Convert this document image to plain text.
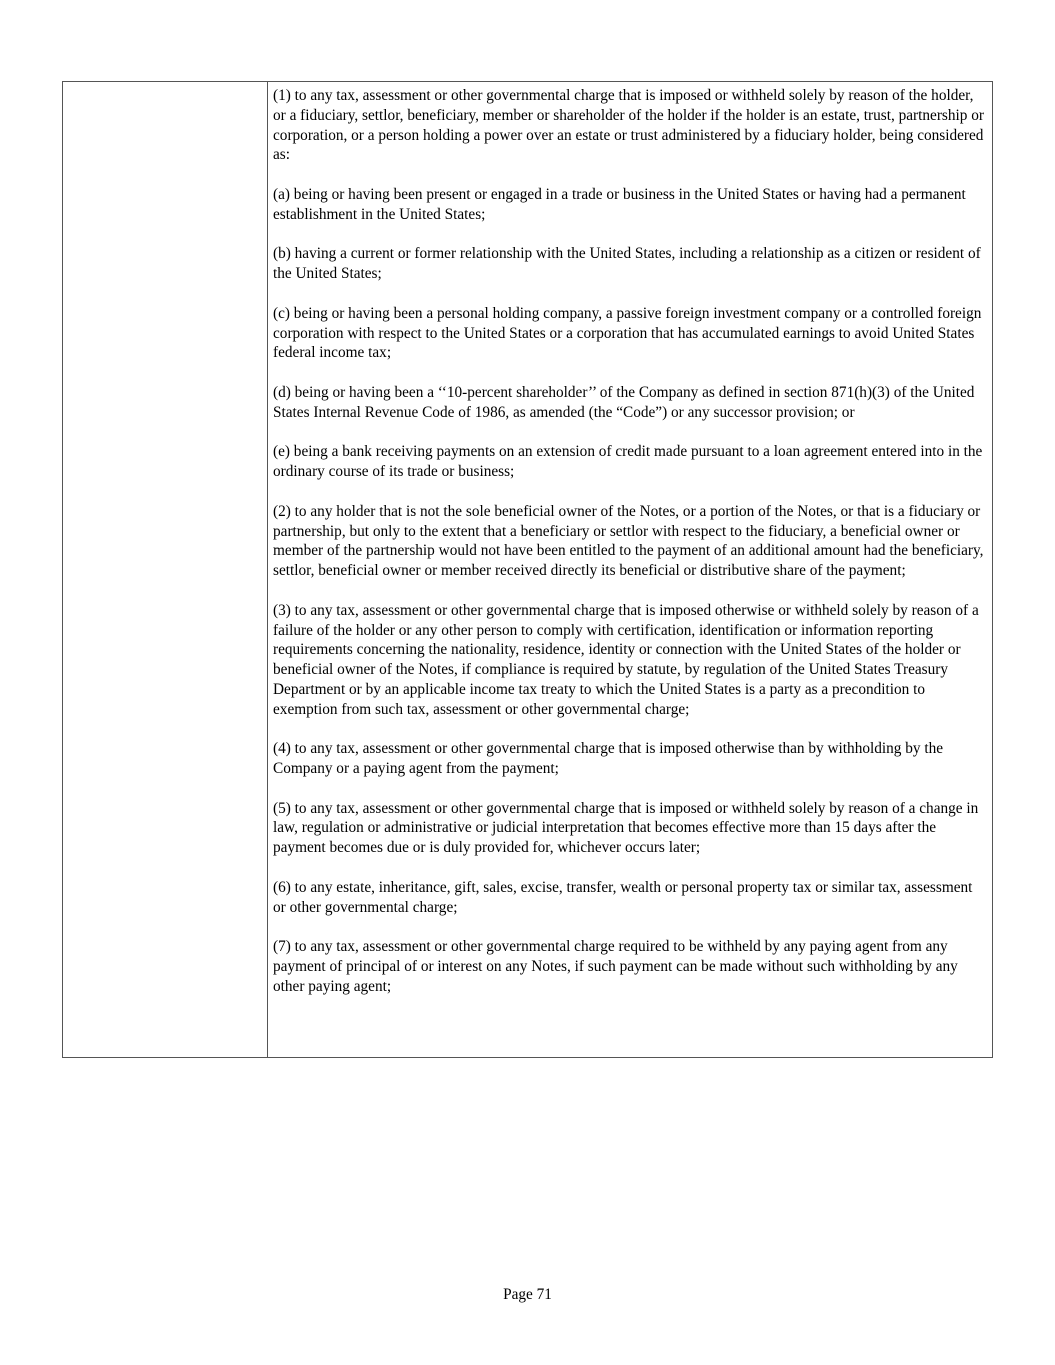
(1) to any tax, assessment or other governmental charge that is imposed or withheld solely by reason of the holder, or a fiduciary, settlor, beneficiary, member or shareholder of the holder if the holder is an estate, trust, partnership or corporation, or a person holding a power over an estate or trust administered by a fiduciary holder, being considered as:

(a) being or having been present or engaged in a trade or business in the United States or having had a permanent establishment in the United States;

(b) having a current or former relationship with the United States, including a relationship as a citizen or resident of the United States;

(c) being or having been a personal holding company, a passive foreign investment company or a controlled foreign corporation with respect to the United States or a corporation that has accumulated earnings to avoid United States federal income tax;

(d) being or having been a ‘‘10-percent shareholder’’ of the Company as defined in section 871(h)(3) of the United States Internal Revenue Code of 1986, as amended (the “Code”) or any successor provision; or

(e) being a bank receiving payments on an extension of credit made pursuant to a loan agreement entered into in the ordinary course of its trade or business;

(2) to any holder that is not the sole beneficial owner of the Notes, or a portion of the Notes, or that is a fiduciary or partnership, but only to the extent that a beneficiary or settlor with respect to the fiduciary, a beneficial owner or member of the partnership would not have been entitled to the payment of an additional amount had the beneficiary, settlor, beneficial owner or member received directly its beneficial or distributive share of the payment;

(3) to any tax, assessment or other governmental charge that is imposed otherwise or withheld solely by reason of a failure of the holder or any other person to comply with certification, identification or information reporting requirements concerning the nationality, residence, identity or connection with the United States of the holder or beneficial owner of the Notes, if compliance is required by statute, by regulation of the United States Treasury Department or by an applicable income tax treaty to which the United States is a party as a precondition to exemption from such tax, assessment or other governmental charge;

(4) to any tax, assessment or other governmental charge that is imposed otherwise than by withholding by the Company or a paying agent from the payment;

(5) to any tax, assessment or other governmental charge that is imposed or withheld solely by reason of a change in law, regulation or administrative or judicial interpretation that becomes effective more than 15 days after the payment becomes due or is duly provided for, whichever occurs later;

(6) to any estate, inheritance, gift, sales, excise, transfer, wealth or personal property tax or similar tax, assessment or other governmental charge;

(7) to any tax, assessment or other governmental charge required to be withheld by any paying agent from any payment of principal of or interest on any Notes, if such payment can be made without such withholding by any other paying agent;

Page 71
